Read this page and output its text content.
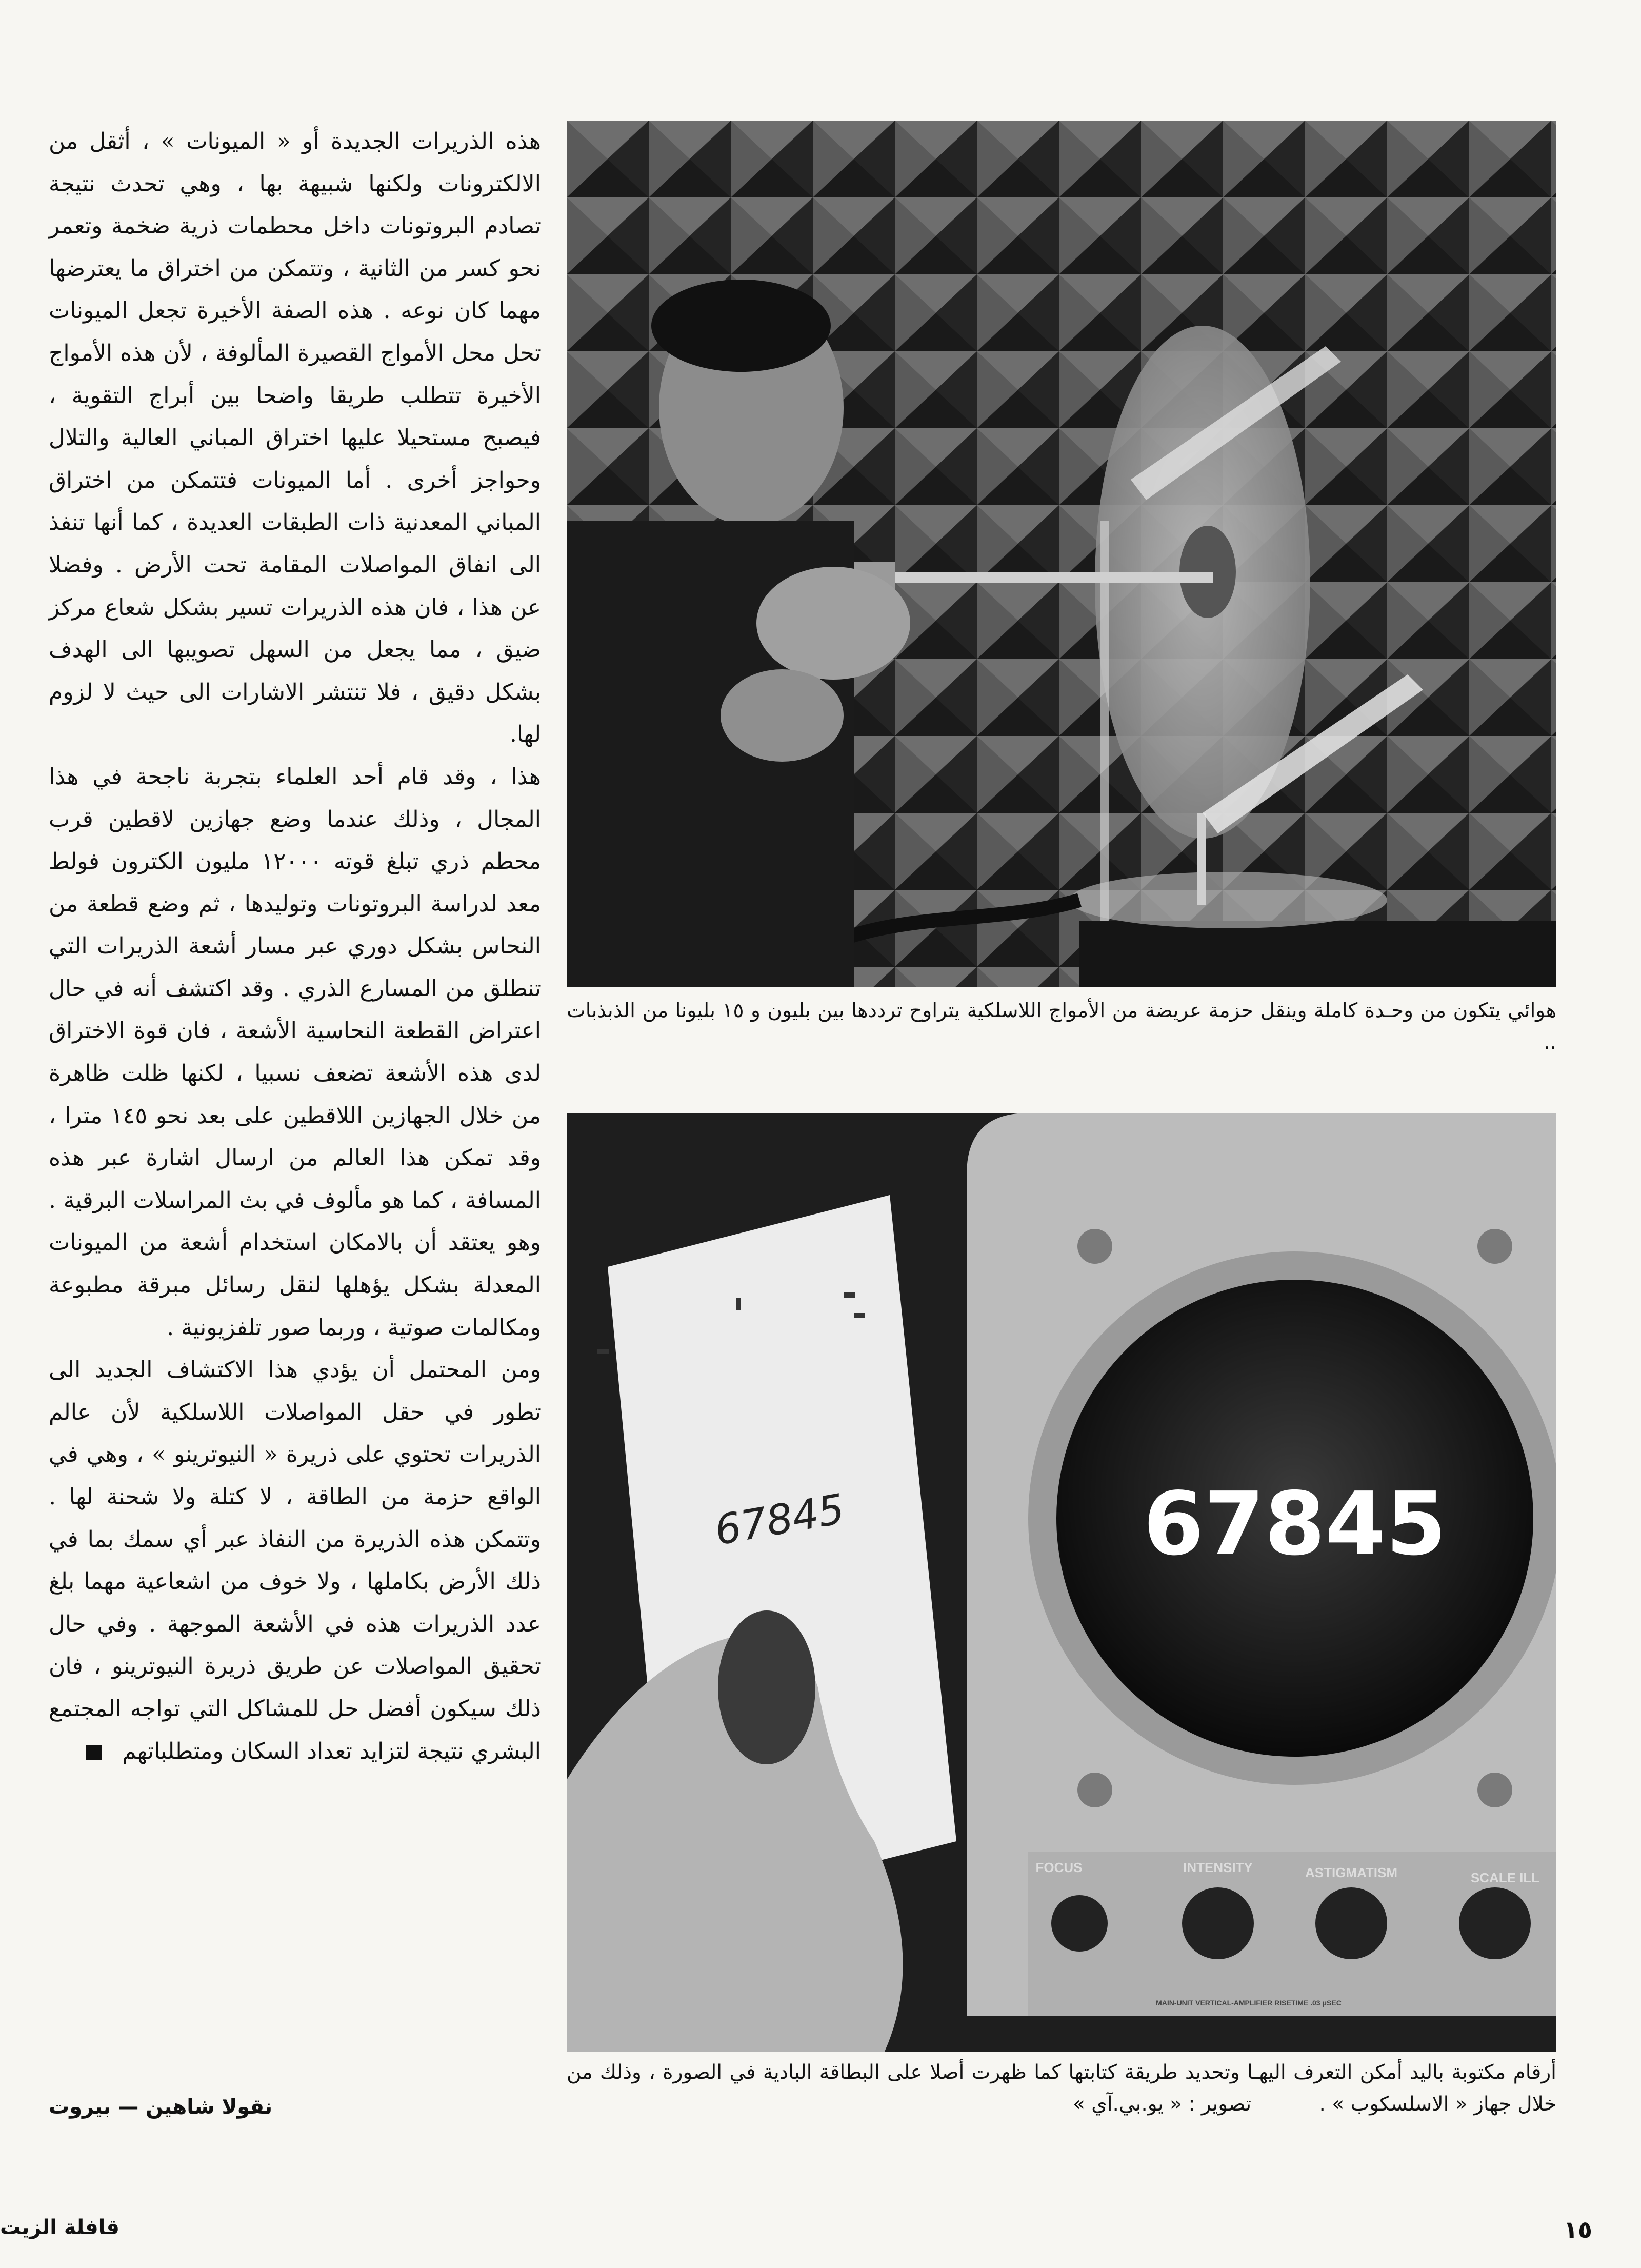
هذه الذريرات الجديدة أو « الميونات » ، أثقل من الالكترونات ولكنها شبيهة بها ، وهي تحدث نتيجة تصادم البروتونات داخل محطمات ذرية ضخمة وتعمر نحو كسر من الثانية ، وتتمكن من اختراق ما يعترضها مهما كان نوعه . هذه الصفة الأخيرة تجعل الميونات تحل محل الأمواج القصيرة المألوفة ، لأن هذه الأمواج الأخيرة تتطلب طريقا واضحا بين أبراج التقوية ، فيصبح مستحيلا عليها اختراق المباني العالية والتلال وحواجز أخرى . أما الميونات فتتمكن من اختراق المباني المعدنية ذات الطبقات العديدة ، كما أنها تنفذ الى انفاق المواصلات المقامة تحت الأرض . وفضلا عن هذا ، فان هذه الذريرات تسير بشكل شعاع مركز ضيق ، مما يجعل من السهل تصويبها الى الهدف بشكل دقيق ، فلا تنتشر الاشارات الى حيث لا لزوم لها.

هذا ، وقد قام أحد العلماء بتجربة ناجحة في هذا المجال ، وذلك عندما وضع جهازين لاقطين قرب محطم ذري تبلغ قوته ١٢٠٠٠ مليون الكترون فولط معد لدراسة البروتونات وتوليدها ، ثم وضع قطعة من النحاس بشكل دوري عبر مسار أشعة الذريرات التي تنطلق من المسارع الذري . وقد اكتشف أنه في حال اعتراض القطعة النحاسية الأشعة ، فان قوة الاختراق لدى هذه الأشعة تضعف نسبيا ، لكنها ظلت ظاهرة من خلال الجهازين اللاقطين على بعد نحو ١٤٥ مترا ، وقد تمكن هذا العالم من ارسال اشارة عبر هذه المسافة ، كما هو مألوف في بث المراسلات البرقية . وهو يعتقد أن بالامكان استخدام أشعة من الميونات المعدلة بشكل يؤهلها لنقل رسائل مبرقة مطبوعة ومكالمات صوتية ، وربما صور تلفزيونية .

ومن المحتمل أن يؤدي هذا الاكتشاف الجديد الى تطور في حقل المواصلات اللاسلكية لأن عالم الذريرات تحتوي على ذريرة « النيوترينو » ، وهي في الواقع حزمة من الطاقة ، لا كتلة ولا شحنة لها . وتتمكن هذه الذريرة من النفاذ عبر أي سمك بما في ذلك الأرض بكاملها ، ولا خوف من اشعاعية مهما بلغ عدد الذريرات هذه في الأشعة الموجهة . وفي حال تحقيق المواصلات عن طريق ذريرة النيوترينو ، فان ذلك سيكون أفضل حل للمشاكل التي تواجه المجتمع البشري نتيجة لتزايد تعداد السكان ومتطلباتهم

نقولا شاهين — بيروت
هوائي يتكون من وحـدة كاملة وينقل حزمة عريضة من الأمواج اللاسلكية يتراوح ترددها بين بليون و ١٥ بليونا من الذبذبات ..
67845
FOCUS	INTENSITY	ASTIGMATISM	SCALE ILL
MAIN-UNIT VERTICAL-AMPLIFIER RISETIME .03 μSEC
67845
أرقام مكتوبة باليد أمكن التعرف اليهـا وتحديد طريقة كتابتها كما ظهرت أصلا على البطاقة البادية في الصورة ، وذلك من خلال جهاز « الاسلسكوب » . تصوير : « يو.بي.آي »
١٥
قافلة الزيت
